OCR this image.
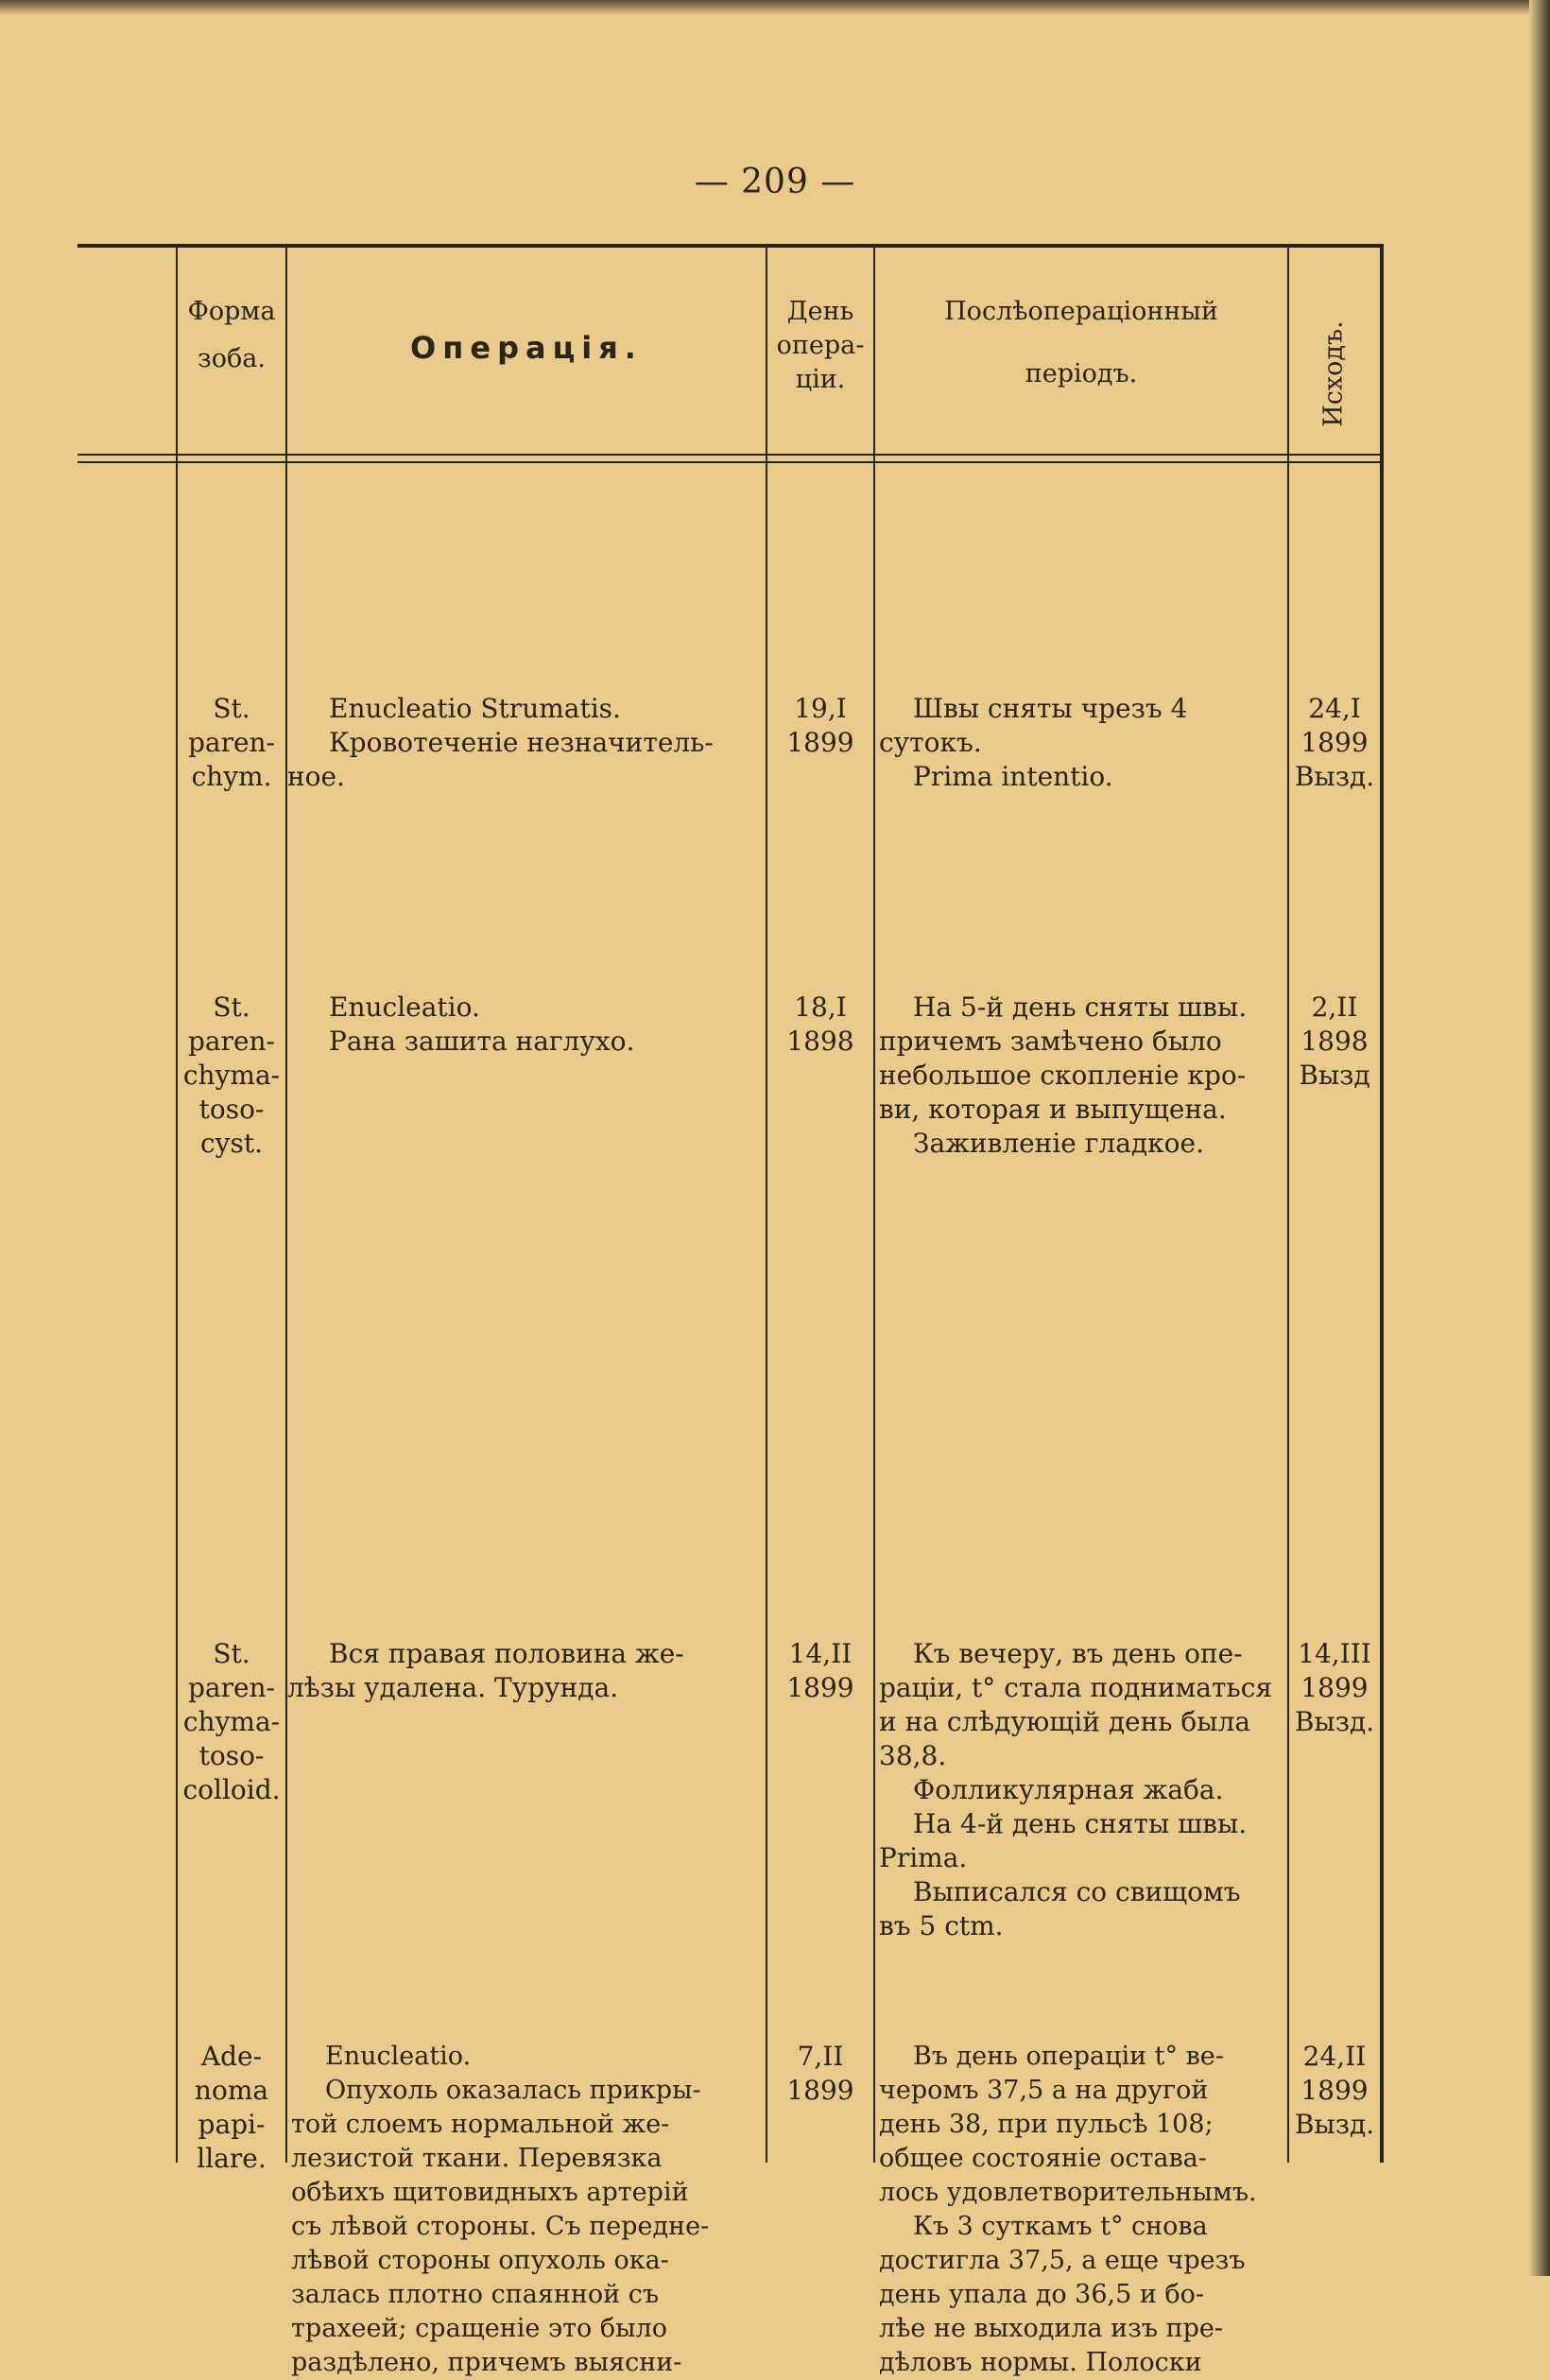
— 209 —
Форма
зоба.	Операція.
День
опера-
ціи.
Послѣопераціонный
періодъ.	Исходъ.
St.
paren-
chym.
Enucleatio Strumatis.
Кровотеченіе незначитель-
ное.
19,I
1899
Швы сняты чрезъ 4
сутокъ.
Prima intentio.
24,I
1899
Вызд.
St.
paren-
chyma-
toso-
cyst.
Enucleatio.
Рана зашита наглухо.
18,I
1898
На 5-й день сняты швы.
причемъ замѣчено было
небольшое скопленіе кро-
ви, которая и выпущена.
Заживленіе гладкое.
2,II
1898
Вызд
St.
paren-
chyma-
toso-
colloid.
Вся правая половина же-
лѣзы удалена. Турунда.
14,II
1899
Къ вечеру, въ день опе-
раціи, t° стала подниматься
и на слѣдующій день была
38,8.
Фолликулярная жаба.
На 4-й день сняты швы.
Prima.
Выписался со свищомъ
въ 5 ctm.
14,III
1899
Вызд.
Ade-
noma
papi-
llare.
Enucleatio.
Опухоль оказалась прикры-
той слоемъ нормальной же-
лезистой ткани. Перевязка
обѣихъ щитовидныхъ артерій
съ лѣвой стороны. Съ передне-
лѣвой стороны опухоль ока-
залась плотно спаянной съ
трахеей; сращеніе это было
раздѣлено, причемъ выясни-
7,II
1899
Въ день операціи t° ве-
черомъ 37,5 а на другой
день 38, при пульсѣ 108;
общее состояніе остава-
лось удовлетворительнымъ.
Къ 3 суткамъ t° снова
достигла 37,5, а еще чрезъ
день упала до 36,5 и бо-
лѣе не выходила изъ пре-
дѣловъ нормы. Полоски
24,II
1899
Вызд.
